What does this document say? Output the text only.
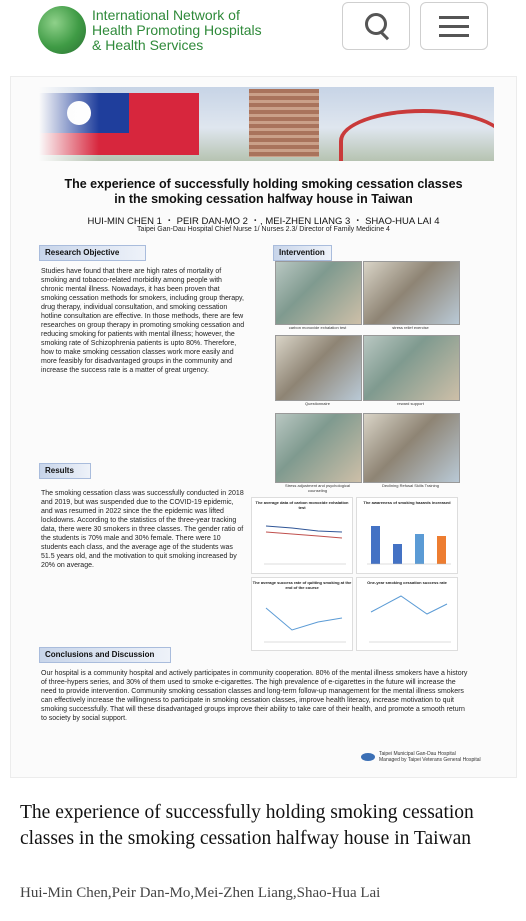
International Network of
Health Promoting Hospitals
& Health Services
The experience of successfully holding smoking cessation classes
in the smoking cessation halfway house in Taiwan
HUI-MIN CHEN 1 ・ PEIR DAN-MO 2 ・, MEI-ZHEN LIANG 3 ・ SHAO-HUA LAI 4
Taipei Gan-Dau Hospital Chief Nurse 1/ Nurses 2.3/ Director of Family Medicine 4
Research Objective
Studies have found that there are high rates of mortality of smoking and tobacco-related morbidity among people with chronic mental illness. Nowadays, it has been proven that smoking cessation methods for smokers, including group therapy, drug therapy, individual consultation, and smoking cessation hotline consultation are effective. In those methods, there are few researches on group therapy in promoting smoking cessation and reducing smoking for patients with mental illness; however, the smoking rate of Schizophrenia patients is upto 80%. Therefore, how to make smoking cessation classes work more easily and more feasibly for disadvantaged groups in the community and increase the success rate is a matter of great urgency.
Results
The smoking cessation class was successfully conducted in 2018 and 2019, but was suspended due to the COVID-19 epidemic, and was resumed in 2022 since the the epidemic was lifted lockdowns. According to the statistics of the three-year tracking data, there were 30 smokers in three classes. The gender ratio of the students is 70% male and 30% female. There were 10 students each class, and the average age of the students was 51.5 years old, and the motivation to quit smoking increased by 20% on average.
Intervention
carbon monoxide exhalation test	stress relief exercise
Questionnaire	reward support
Stress adjustment and psychological counseling
Declining Refusal Skills Training
The average data of carbon monoxide exhalation test
The awareness of smoking hazards increased
The average success rate of quitting smoking at the end of the course
One-year smoking cessation success rate
Conclusions and Discussion
Our hospital is a community hospital and actively participates in community cooperation. 80% of the mental illness smokers have a history of three-hypers series, and 30% of them used to smoke e-cigarettes. The high prevalence of e-cigarettes in the future will increase the need to provide intervention. Community smoking cessation classes and long-term follow-up management for the mental illness smokers can effectively increase the willingness to participate in smoking cessation classes, improve health literacy, increase motivation to quit smoking successfully. That will these disadvantaged groups improve their ability to take care of their health, and promote a smooth return to society by social support.
Taipei Municipal Gan-Dau Hospital
Managed by Taipei Veterans General Hospital
The experience of successfully holding smoking cessation classes in the smoking cessation halfway house in Taiwan
Hui-Min Chen,Peir Dan-Mo,Mei-Zhen Liang,Shao-Hua Lai
